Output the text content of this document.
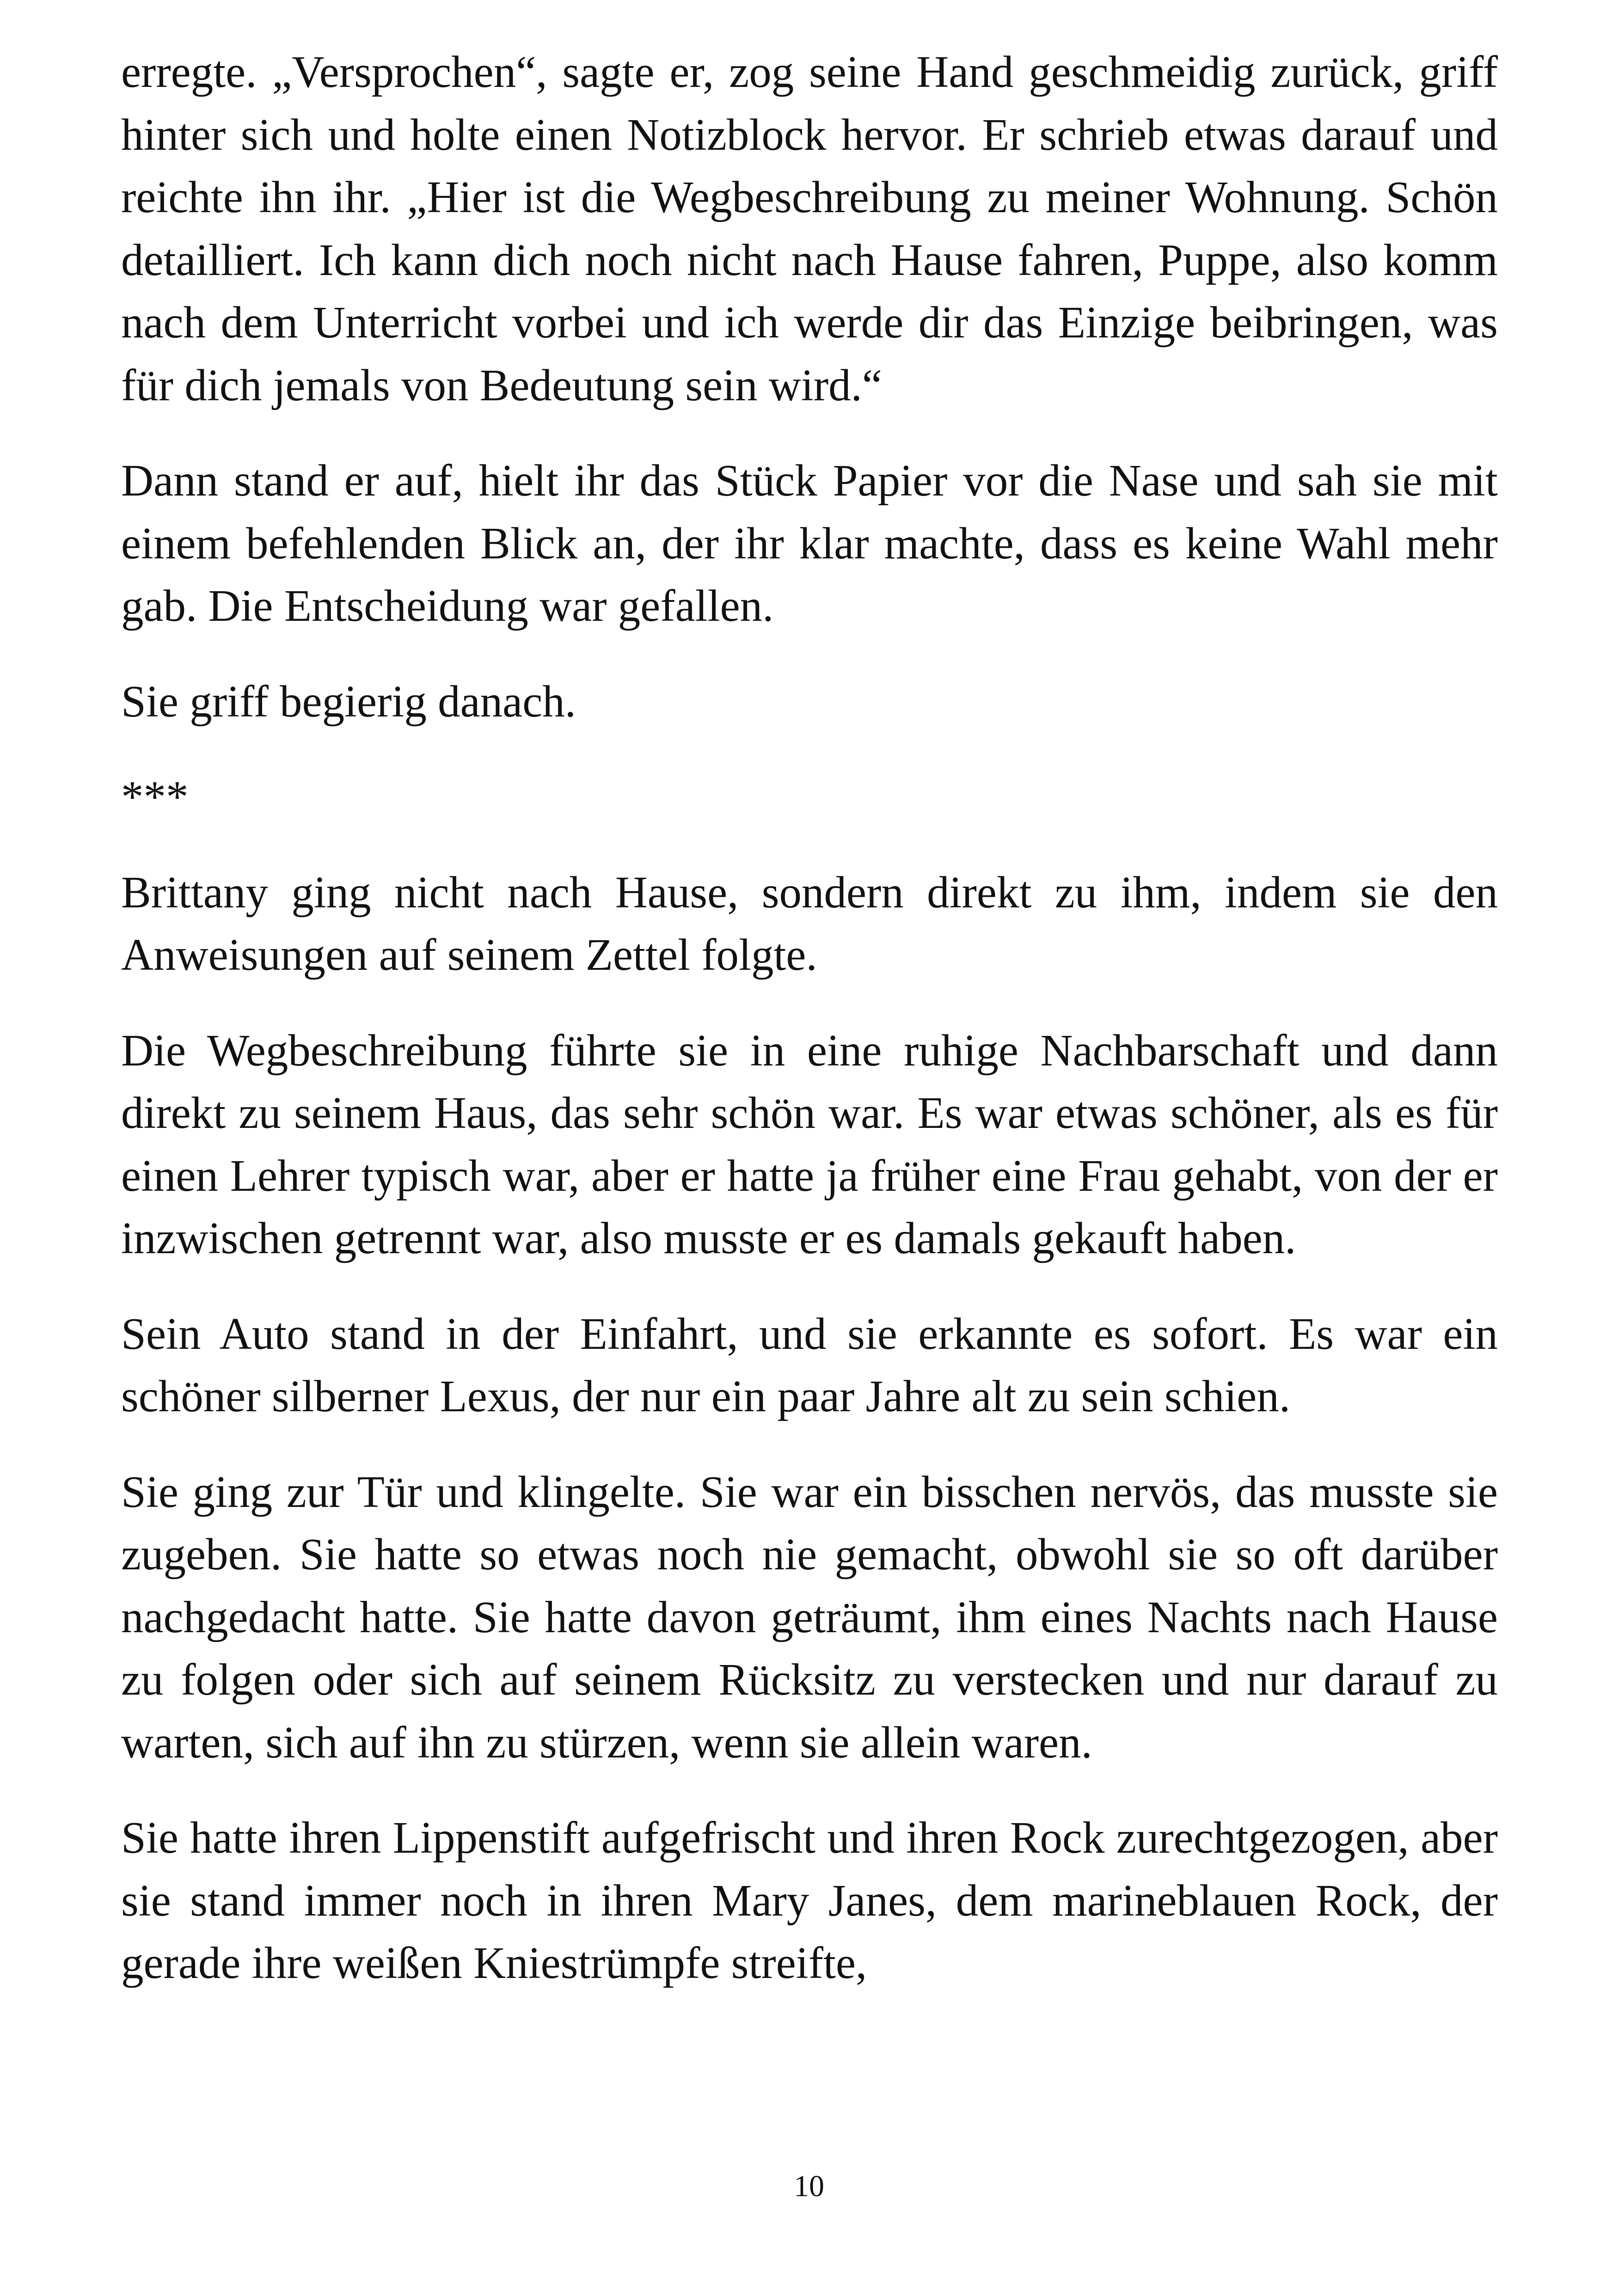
erregte. „Versprochen“, sagte er, zog seine Hand geschmeidig zurück, griff hinter sich und holte einen Notizblock hervor. Er schrieb etwas darauf und reichte ihn ihr. „Hier ist die Wegbeschreibung zu meiner Wohnung. Schön detailliert. Ich kann dich noch nicht nach Hause fahren, Puppe, also komm nach dem Unterricht vorbei und ich werde dir das Einzige beibringen, was für dich jemals von Bedeutung sein wird.“

Dann stand er auf, hielt ihr das Stück Papier vor die Nase und sah sie mit einem befehlenden Blick an, der ihr klar machte, dass es keine Wahl mehr gab. Die Entscheidung war gefallen.

Sie griff begierig danach.

***

Brittany ging nicht nach Hause, sondern direkt zu ihm, indem sie den Anweisungen auf seinem Zettel folgte.

Die Wegbeschreibung führte sie in eine ruhige Nachbarschaft und dann direkt zu seinem Haus, das sehr schön war. Es war etwas schöner, als es für einen Lehrer typisch war, aber er hatte ja früher eine Frau gehabt, von der er inzwischen getrennt war, also musste er es damals gekauft haben.

Sein Auto stand in der Einfahrt, und sie erkannte es sofort. Es war ein schöner silberner Lexus, der nur ein paar Jahre alt zu sein schien.

Sie ging zur Tür und klingelte. Sie war ein bisschen nervös, das musste sie zugeben. Sie hatte so etwas noch nie gemacht, obwohl sie so oft darüber nachgedacht hatte. Sie hatte davon geträumt, ihm eines Nachts nach Hause zu folgen oder sich auf seinem Rücksitz zu verstecken und nur darauf zu warten, sich auf ihn zu stürzen, wenn sie allein waren.

Sie hatte ihren Lippenstift aufgefrischt und ihren Rock zurechtgezogen, aber sie stand immer noch in ihren Mary Janes, dem marineblauen Rock, der gerade ihre weißen Kniestrümpfe streifte,

10
